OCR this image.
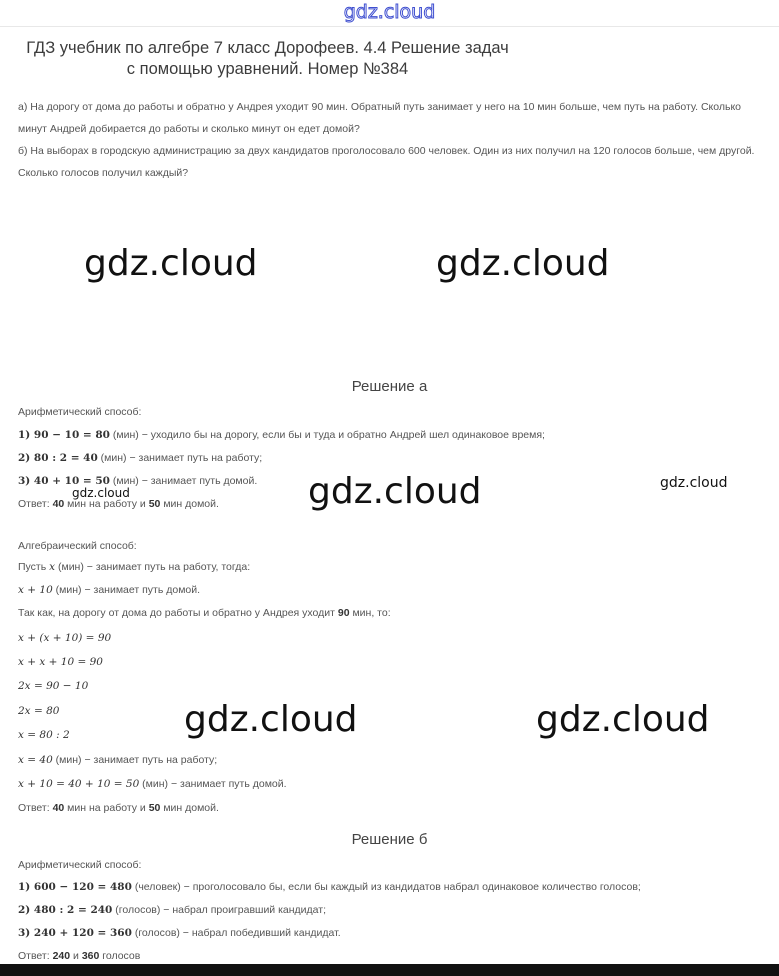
gdz.cloud
ГДЗ учебник по алгебре 7 класс Дорофеев. 4.4 Решение задач
с помощью уравнений. Номер №384
а) На дорогу от дома до работы и обратно у Андрея уходит 90 мин. Обратный путь занимает у него на 10 мин больше, чем путь на работу. Сколько минут Андрей добирается до работы и сколько минут он едет домой?
б) На выборах в городскую администрацию за двух кандидатов проголосовало 600 человек. Один из них получил на 120 голосов больше, чем другой. Сколько голосов получил каждый?
gdz.cloud	gdz.cloud
Решение а
Арифметический способ:
1) 90 − 10 = 80 (мин) − уходило бы на дорогу, если бы и туда и обратно Андрей шел одинаковое время;
2) 80 : 2 = 40 (мин) − занимает путь на работу;
3) 40 + 10 = 50 (мин) − занимает путь домой.
Ответ: 40 мин на работу и 50 мин домой.
gdz.cloud	gdz.cloud	gdz.cloud
Алгебраический способ:
Пусть x (мин) − занимает путь на работу, тогда:
x + 10 (мин) − занимает путь домой.
Так как, на дорогу от дома до работы и обратно у Андрея уходит 90 мин, то:
x + (x + 10) = 90
x + x + 10 = 90
2x = 90 − 10
2x = 80
x = 80 : 2
x = 40 (мин) − занимает путь на работу;
x + 10 = 40 + 10 = 50 (мин) − занимает путь домой.
Ответ: 40 мин на работу и 50 мин домой.
gdz.cloud	gdz.cloud
Решение б
Арифметический способ:
1) 600 − 120 = 480 (человек) − проголосовало бы, если бы каждый из кандидатов набрал одинаковое количество голосов;
2) 480 : 2 = 240 (голосов) − набрал проигравший кандидат;
3) 240 + 120 = 360 (голосов) − набрал победивший кандидат.
Ответ: 240 и 360 голосов
